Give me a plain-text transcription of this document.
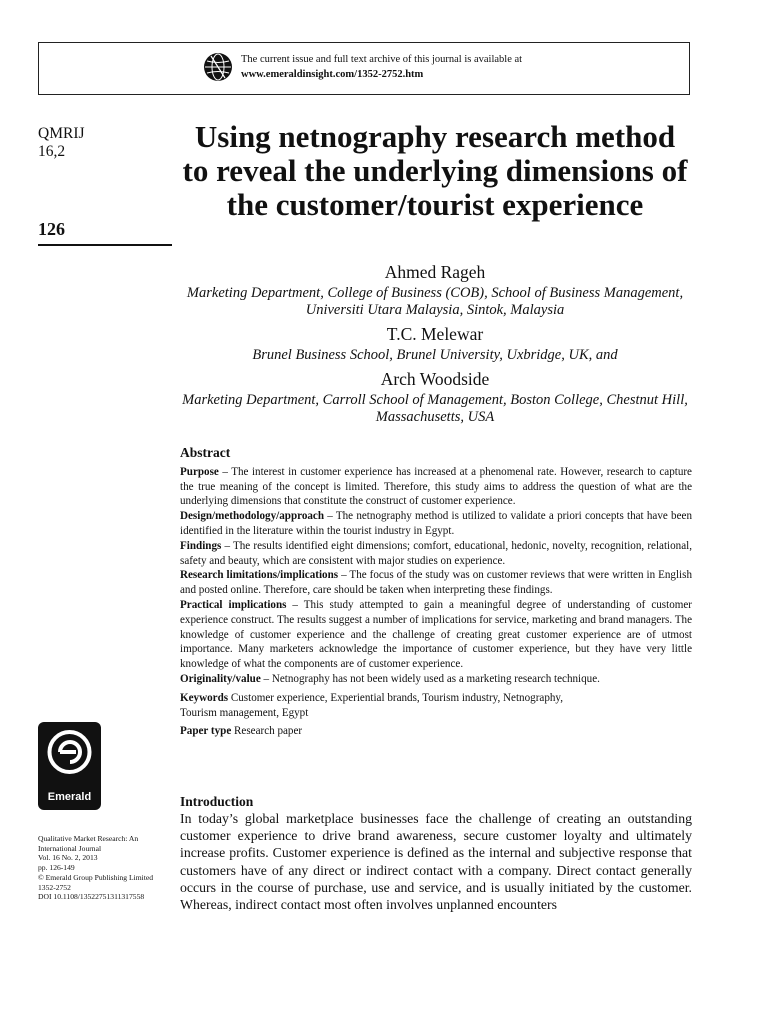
The current issue and full text archive of this journal is available at
www.emeraldinsight.com/1352-2752.htm
QMRIJ
16,2
126
Using netnography research method to reveal the underlying dimensions of the customer/tourist experience
Ahmed Rageh
Marketing Department, College of Business (COB), School of Business Management, Universiti Utara Malaysia, Sintok, Malaysia
T.C. Melewar
Brunel Business School, Brunel University, Uxbridge, UK, and
Arch Woodside
Marketing Department, Carroll School of Management, Boston College, Chestnut Hill, Massachusetts, USA

Abstract

Purpose – The interest in customer experience has increased at a phenomenal rate. However, research to capture the true meaning of the concept is limited. Therefore, this study aims to address the question of what are the underlying dimensions that constitute the construct of customer experience.

Design/methodology/approach – The netnography method is utilized to validate a priori concepts that have been identified in the literature within the tourist industry in Egypt.

Findings – The results identified eight dimensions; comfort, educational, hedonic, novelty, recognition, relational, safety and beauty, which are consistent with major studies on experience.

Research limitations/implications – The focus of the study was on customer reviews that were written in English and posted online. Therefore, care should be taken when interpreting these findings.

Practical implications – This study attempted to gain a meaningful degree of understanding of customer experience construct. The results suggest a number of implications for service, marketing and brand managers. The knowledge of customer experience and the challenge of creating great customer experience are of utmost importance. Many marketers acknowledge the importance of customer experience, but they have very little knowledge of what the components are of customer experience.

Originality/value – Netnography has not been widely used as a marketing research technique.

Keywords Customer experience, Experiential brands, Tourism industry, Netnography,
Tourism management, Egypt

Paper type Research paper

Emerald
Qualitative Market Research: An
International Journal
Vol. 16 No. 2, 2013
pp. 126-149
© Emerald Group Publishing Limited
1352-2752
DOI 10.1108/13522751311317558
Introduction
In today’s global marketplace businesses face the challenge of creating an outstanding customer experience to drive brand awareness, secure customer loyalty and ultimately increase profits. Customer experience is defined as the internal and subjective response that customers have of any direct or indirect contact with a company. Direct contact generally occurs in the course of purchase, use and service, and is usually initiated by the customer. Whereas, indirect contact most often involves unplanned encounters
